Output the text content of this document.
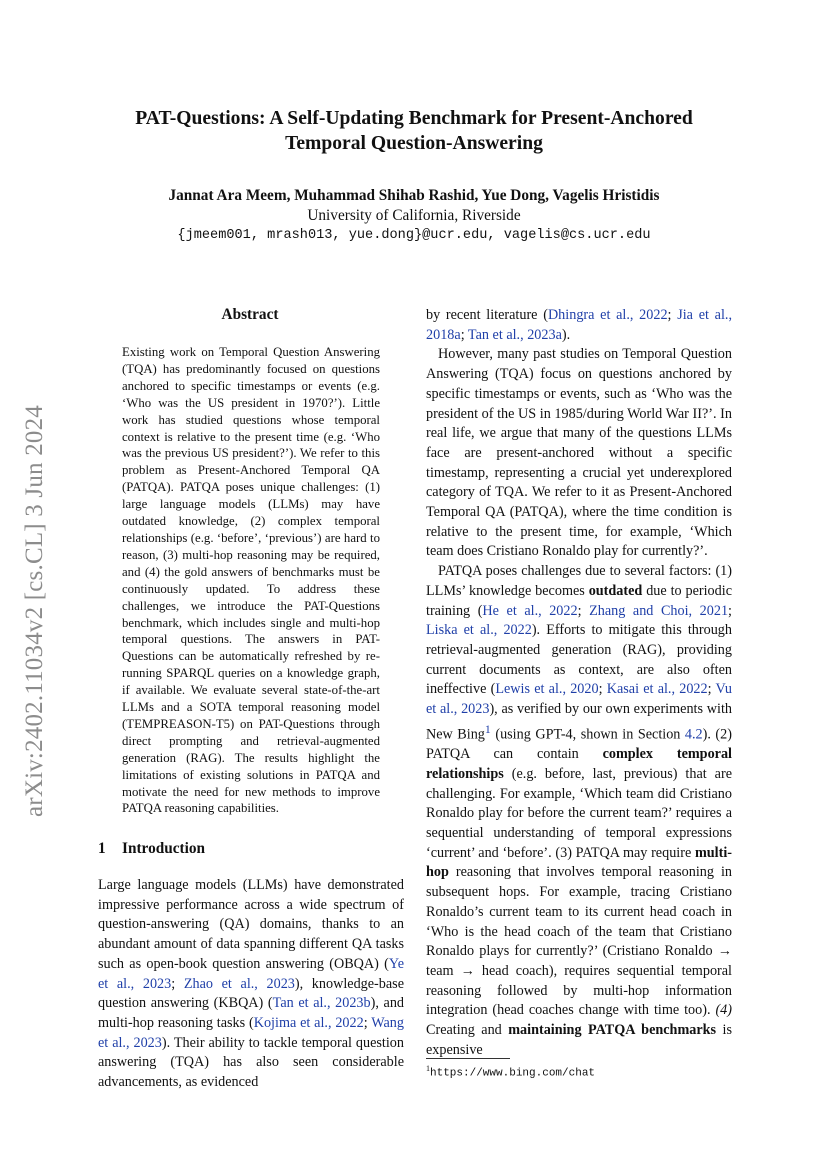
arXiv:2402.11034v2 [cs.CL] 3 Jun 2024
PAT-Questions: A Self-Updating Benchmark for Present-Anchored
Temporal Question-Answering
Jannat Ara Meem, Muhammad Shihab Rashid, Yue Dong, Vagelis Hristidis
University of California, Riverside
{jmeem001, mrash013, yue.dong}@ucr.edu, vagelis@cs.ucr.edu
Abstract

Existing work on Temporal Question Answering (TQA) has predominantly focused on questions anchored to specific timestamps or events (e.g. ‘Who was the US president in 1970?’). Little work has studied questions whose temporal context is relative to the present time (e.g. ‘Who was the previous US president?’). We refer to this problem as Present-Anchored Temporal QA (PATQA). PATQA poses unique challenges: (1) large language models (LLMs) may have outdated knowledge, (2) complex temporal relationships (e.g. ‘before’, ‘previous’) are hard to reason, (3) multi-hop reasoning may be required, and (4) the gold answers of benchmarks must be continuously updated. To address these challenges, we introduce the PAT-Questions benchmark, which includes single and multi-hop temporal questions. The answers in PAT-Questions can be automatically refreshed by re-running SPARQL queries on a knowledge graph, if available. We evaluate several state-of-the-art LLMs and a SOTA temporal reasoning model (TEMPREASON-T5) on PAT-Questions through direct prompting and retrieval-augmented generation (RAG). The results highlight the limitations of existing solutions in PATQA and motivate the need for new methods to improve PATQA reasoning capabilities.

1 Introduction

Large language models (LLMs) have demonstrated impressive performance across a wide spectrum of question-answering (QA) domains, thanks to an abundant amount of data spanning different QA tasks such as open-book question answering (OBQA) (Ye et al., 2023; Zhao et al., 2023), knowledge-base question answering (KBQA) (Tan et al., 2023b), and multi-hop reasoning tasks (Kojima et al., 2022; Wang et al., 2023). Their ability to tackle temporal question answering (TQA) has also seen considerable advancements, as evidenced

by recent literature (Dhingra et al., 2022; Jia et al., 2018a; Tan et al., 2023a).

However, many past studies on Temporal Question Answering (TQA) focus on questions anchored by specific timestamps or events, such as ‘Who was the president of the US in 1985/during World War II?’. In real life, we argue that many of the questions LLMs face are present-anchored without a specific timestamp, representing a crucial yet underexplored category of TQA. We refer to it as Present-Anchored Temporal QA (PATQA), where the time condition is relative to the present time, for example, ‘Which team does Cristiano Ronaldo play for currently?’.

PATQA poses challenges due to several factors: (1) LLMs’ knowledge becomes outdated due to periodic training (He et al., 2022; Zhang and Choi, 2021; Liska et al., 2022). Efforts to mitigate this through retrieval-augmented generation (RAG), providing current documents as context, are also often ineffective (Lewis et al., 2020; Kasai et al., 2022; Vu et al., 2023), as verified by our own experiments with New Bing$^1$ (using GPT-4, shown in Section 4.2). (2) PATQA can contain complex temporal relationships (e.g. before, last, previous) that are challenging. For example, ‘Which team did Cristiano Ronaldo play for before the current team?’ requires a sequential understanding of temporal expressions ‘current’ and ‘before’. (3) PATQA may require multi-hop reasoning that involves temporal reasoning in subsequent hops. For example, tracing Cristiano Ronaldo’s current team to its current head coach in ‘Who is the head coach of the team that Cristiano Ronaldo plays for currently?’ (Cristiano Ronaldo → team → head coach), requires sequential temporal reasoning followed by multi-hop information integration (head coaches change with time too). (4) Creating and maintaining PATQA benchmarks is expensive

$^1$https://www.bing.com/chat
